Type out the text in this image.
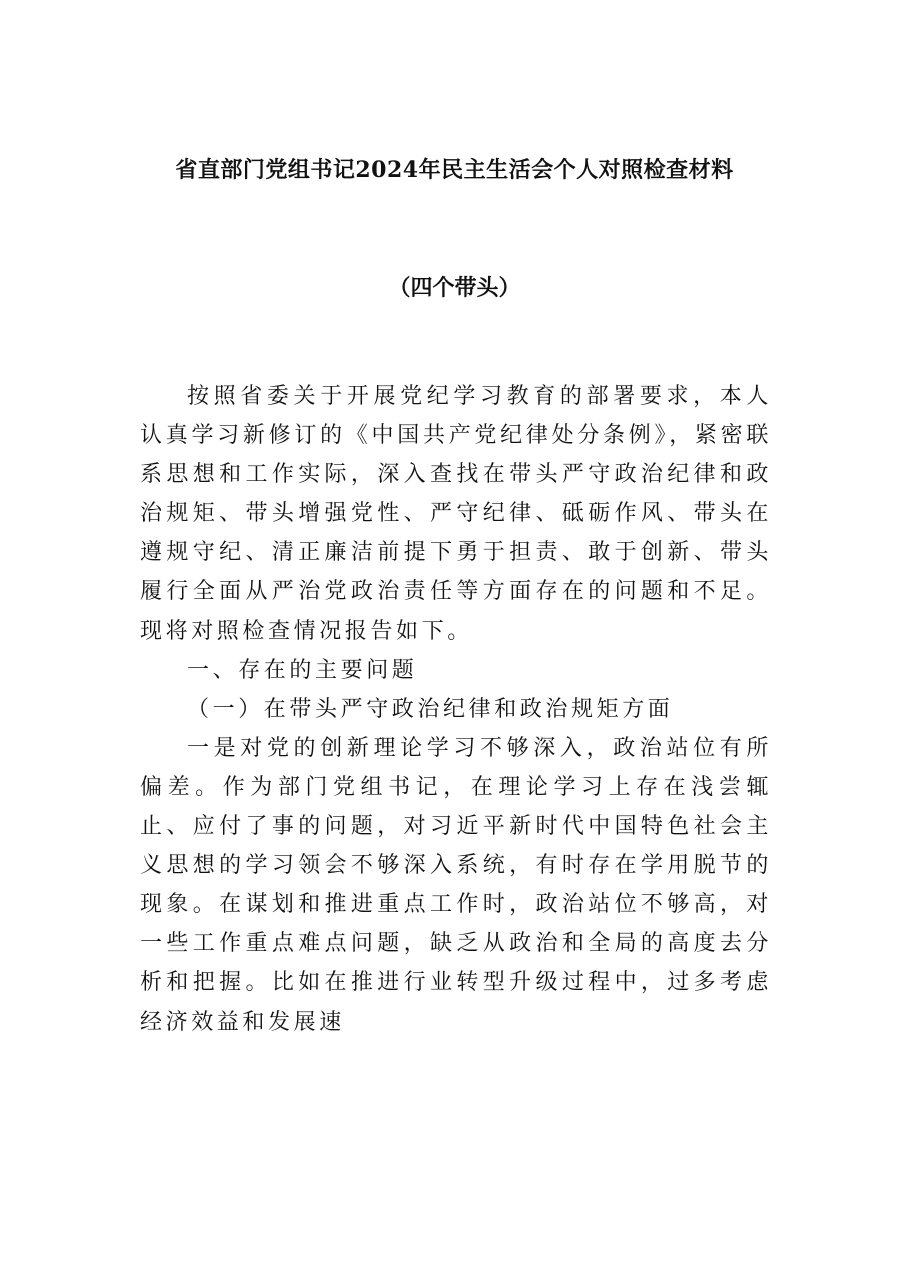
省直部门党组书记2024年民主生活会个人对照检查材料
（四个带头）

按照省委关于开展党纪学习教育的部署要求，本人认真学习新修订的《中国共产党纪律处分条例》，紧密联系思想和工作实际，深入查找在带头严守政治纪律和政治规矩、带头增强党性、严守纪律、砥砺作风、带头在遵规守纪、清正廉洁前提下勇于担责、敢于创新、带头履行全面从严治党政治责任等方面存在的问题和不足。现将对照检查情况报告如下。

一、存在的主要问题

（一）在带头严守政治纪律和政治规矩方面

一是对党的创新理论学习不够深入，政治站位有所偏差。作为部门党组书记，在理论学习上存在浅尝辄止、应付了事的问题，对习近平新时代中国特色社会主义思想的学习领会不够深入系统，有时存在学用脱节的现象。在谋划和推进重点工作时，政治站位不够高，对一些工作重点难点问题，缺乏从政治和全局的高度去分析和把握。比如在推进行业转型升级过程中，过多考虑经济效益和发展速
